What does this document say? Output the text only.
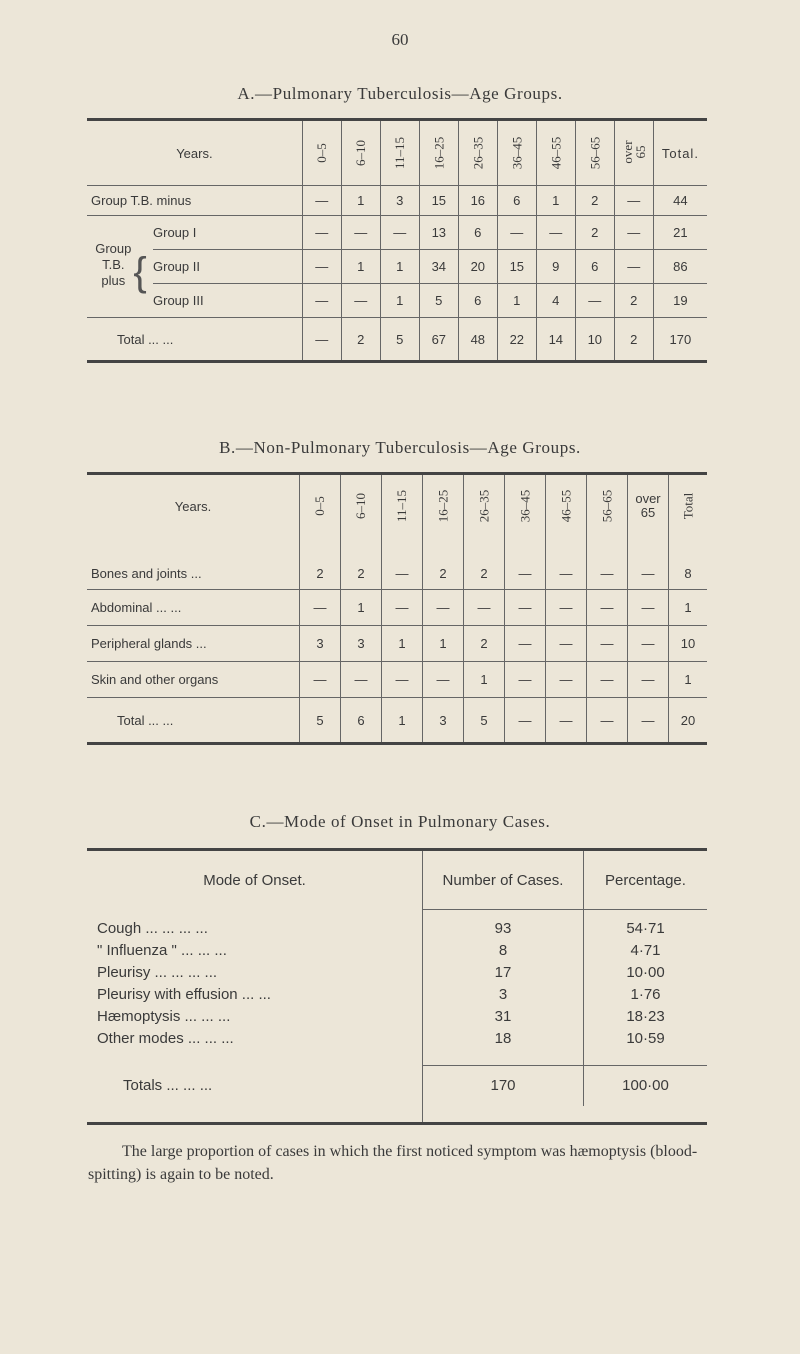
60
A.—Pulmonary Tuberculosis—Age Groups.
Years.		0–5	6–10	11–15	16–25	26–35	36–45	46–55	56–65	over 65	Total.
Group T.B. minus		—	1	3	15	16	6	1	2	—	44
Group T.B. plus {	Group I	—	—	—	13	6	—	—	2	—	21
	Group II	—	1	1	34	20	15	9	6	—	86
	Group III	—	—	1	5	6	1	4	—	2	19
Total ... ...		—	2	5	67	48	22	14	10	2	170
B.—Non-Pulmonary Tuberculosis—Age Groups.
Years.	0–5	6–10	11–15	16–25	26–35	36–45	46–55	56–65	over 65	Total

Bones and joints ...	2	2	—	2	2	—	—	—	—	8
Abdominal ... ...	—	1	—	—	—	—	—	—	—	1
Peripheral glands ...	3	3	1	1	2	—	—	—	—	10
Skin and other organs	—	—	—	—	1	—	—	—	—	1
Total ... ...	5	6	1	3	5	—	—	—	—	20
C.—Mode of Onset in Pulmonary Cases.
Mode of Onset.	Number of Cases.	Percentage.

Cough ... ... ... ...	93	54·71
" Influenza " ... ... ...	8	4·71
Pleurisy ... ... ... ...	17	10·00
Pleurisy with effusion ... ...	3	1·76
Hæmoptysis ... ... ...	31	18·23
Other modes ... ... ...	18	10·59

Totals ... ... ...	170	100·00

The large proportion of cases in which the first noticed symptom was hæmoptysis (blood-spitting) is again to be noted.
